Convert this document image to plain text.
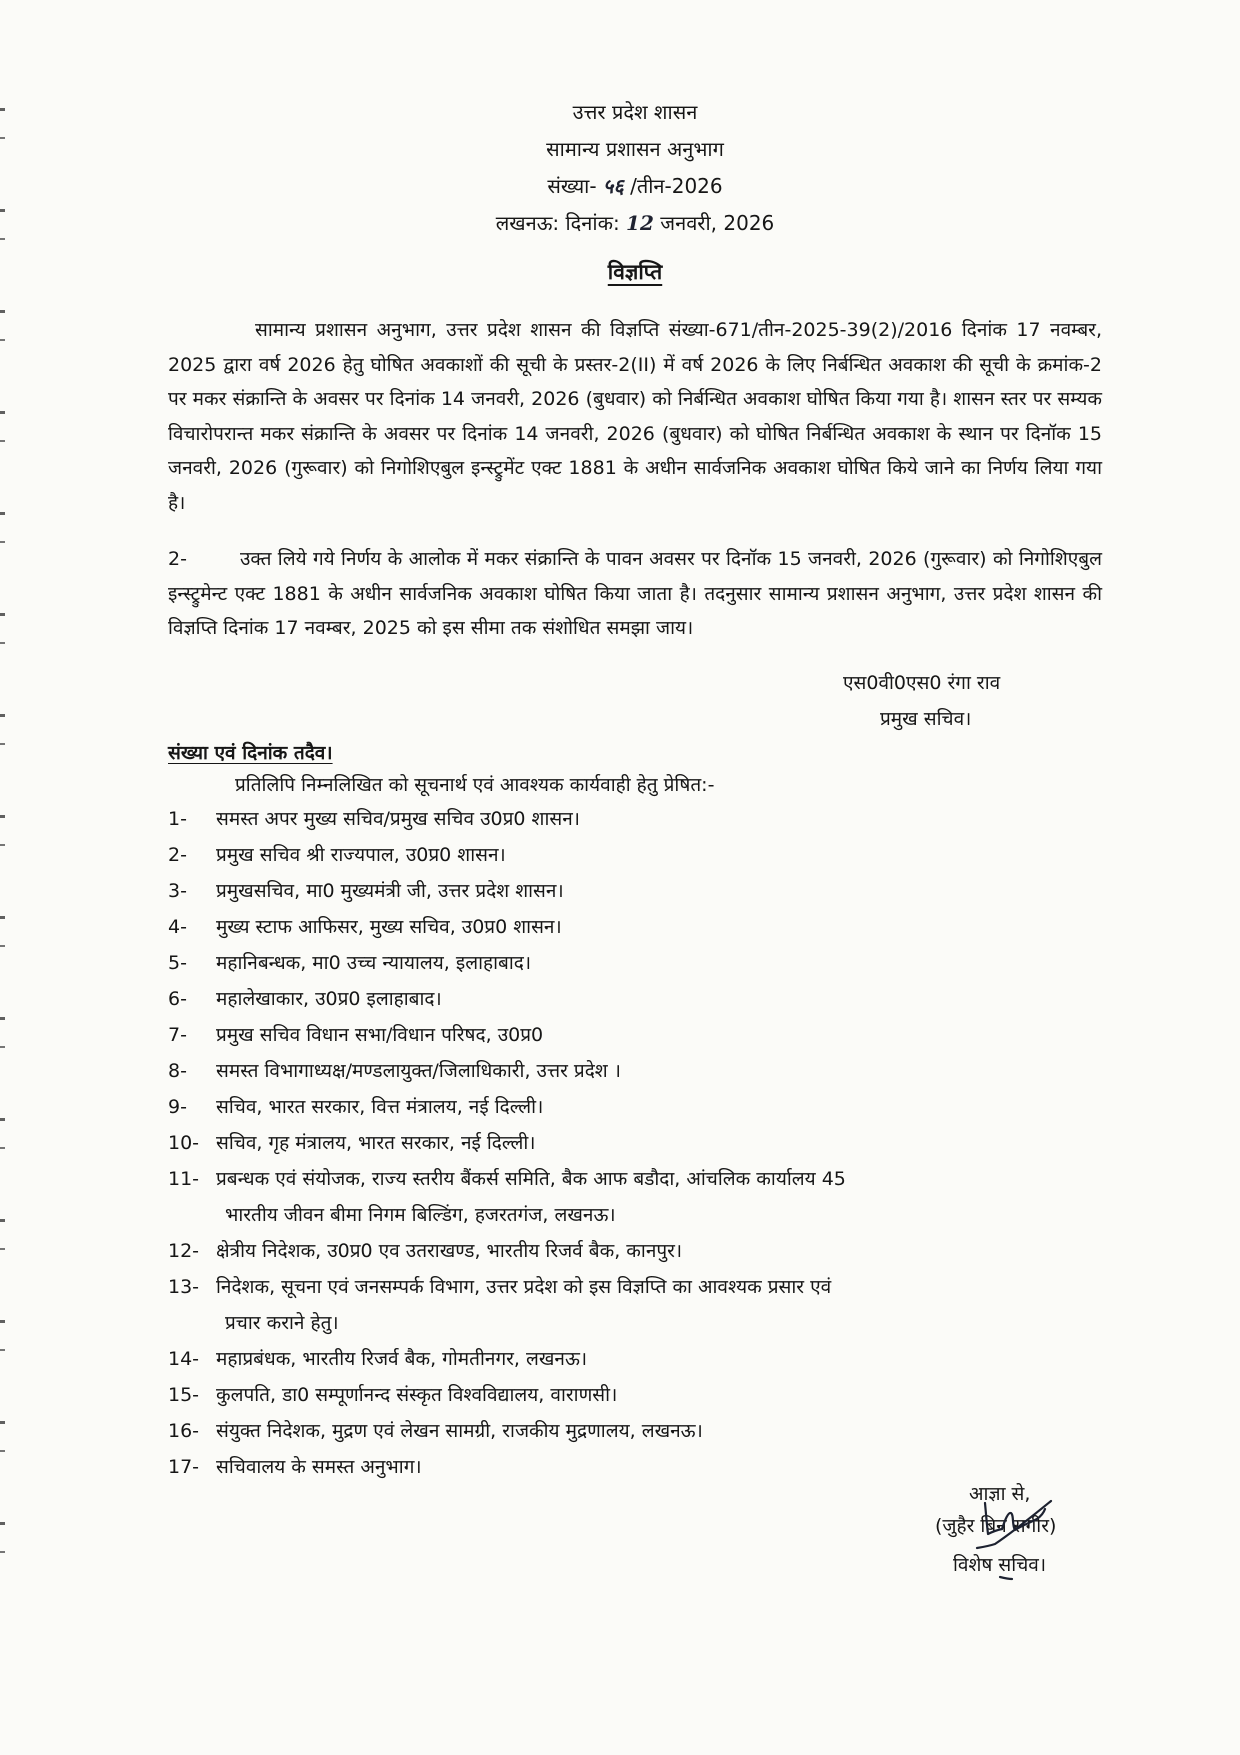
उत्तर प्रदेश शासन
सामान्य प्रशासन अनुभाग
संख्या- ५६ /तीन-2026
लखनऊ: दिनांक: 12 जनवरी, 2026
विज्ञप्ति

सामान्य प्रशासन अनुभाग, उत्तर प्रदेश शासन की विज्ञप्ति संख्या-671/तीन-2025-39(2)/2016 दिनांक 17 नवम्बर, 2025 द्वारा वर्ष 2026 हेतु घोषित अवकाशों की सूची के प्रस्तर-2(II) में वर्ष 2026 के लिए निर्बन्धित अवकाश की सूची के क्रमांक-2 पर मकर संक्रान्ति के अवसर पर दिनांक 14 जनवरी, 2026 (बुधवार) को निर्बन्धित अवकाश घोषित किया गया है। शासन स्तर पर सम्यक विचारोपरान्त मकर संक्रान्ति के अवसर पर दिनांक 14 जनवरी, 2026 (बुधवार) को घोषित निर्बन्धित अवकाश के स्थान पर दिनॉक 15 जनवरी, 2026 (गुरूवार) को निगोशिएबुल इन्स्ट्रुमेंट एक्ट 1881 के अधीन सार्वजनिक अवकाश घोषित किये जाने का निर्णय लिया गया है।

2-	उक्त लिये गये निर्णय के आलोक में मकर संक्रान्ति के पावन अवसर पर दिनॉक 15 जनवरी, 2026 (गुरूवार) को निगोशिएबुल इन्स्ट्रुमेन्ट एक्ट 1881 के अधीन सार्वजनिक अवकाश घोषित किया जाता है। तदनुसार सामान्य प्रशासन अनुभाग, उत्तर प्रदेश शासन की विज्ञप्ति दिनांक 17 नवम्बर, 2025 को इस सीमा तक संशोधित समझा जाय।

एस0वी0एस0 रंगा राव
प्रमुख सचिव।
संख्या एवं दिनांक तदैव।
प्रतिलिपि निम्नलिखित को सूचनार्थ एवं आवश्यक कार्यवाही हेतु प्रेषित:-
1-	समस्त अपर मुख्य सचिव/प्रमुख सचिव उ0प्र0 शासन।
2-	प्रमुख सचिव श्री राज्यपाल, उ0प्र0 शासन।
3-	प्रमुखसचिव, मा0 मुख्यमंत्री जी, उत्तर प्रदेश शासन।
4-	मुख्य स्टाफ आफिसर, मुख्य सचिव, उ0प्र0 शासन।
5-	महानिबन्धक, मा0 उच्च न्यायालय, इलाहाबाद।
6-	महालेखाकार, उ0प्र0 इलाहाबाद।
7-	प्रमुख सचिव विधान सभा/विधान परिषद, उ0प्र0
8-	समस्त विभागाध्यक्ष/मण्डलायुक्त/जिलाधिकारी, उत्तर प्रदेश ।
9-	सचिव, भारत सरकार, वित्त मंत्रालय, नई दिल्ली।
10- सचिव, गृह मंत्रालय, भारत सरकार, नई दिल्ली।
11- प्रबन्धक एवं संयोजक, राज्य स्तरीय बैंकर्स समिति, बैक आफ बडौदा, आंचलिक कार्यालय 45
भारतीय जीवन बीमा निगम बिल्डिंग, हजरतगंज, लखनऊ।
12- क्षेत्रीय निदेशक, उ0प्र0 एव उतराखण्ड, भारतीय रिजर्व बैक, कानपुर।
13- निदेशक, सूचना एवं जनसम्पर्क विभाग, उत्तर प्रदेश को इस विज्ञप्ति का आवश्यक प्रसार एवं
प्रचार कराने हेतु।
14- महाप्रबंधक, भारतीय रिजर्व बैक, गोमतीनगर, लखनऊ।
15- कुलपति, डा0 सम्पूर्णानन्द संस्कृत विश्वविद्यालय, वाराणसी।
16- संयुक्त निदेशक, मुद्रण एवं लेखन सामग्री, राजकीय मुद्रणालय, लखनऊ।
17- सचिवालय के समस्त अनुभाग।
आज्ञा से,
(जुहैर बिन सगीर)
विशेष सचिव।
